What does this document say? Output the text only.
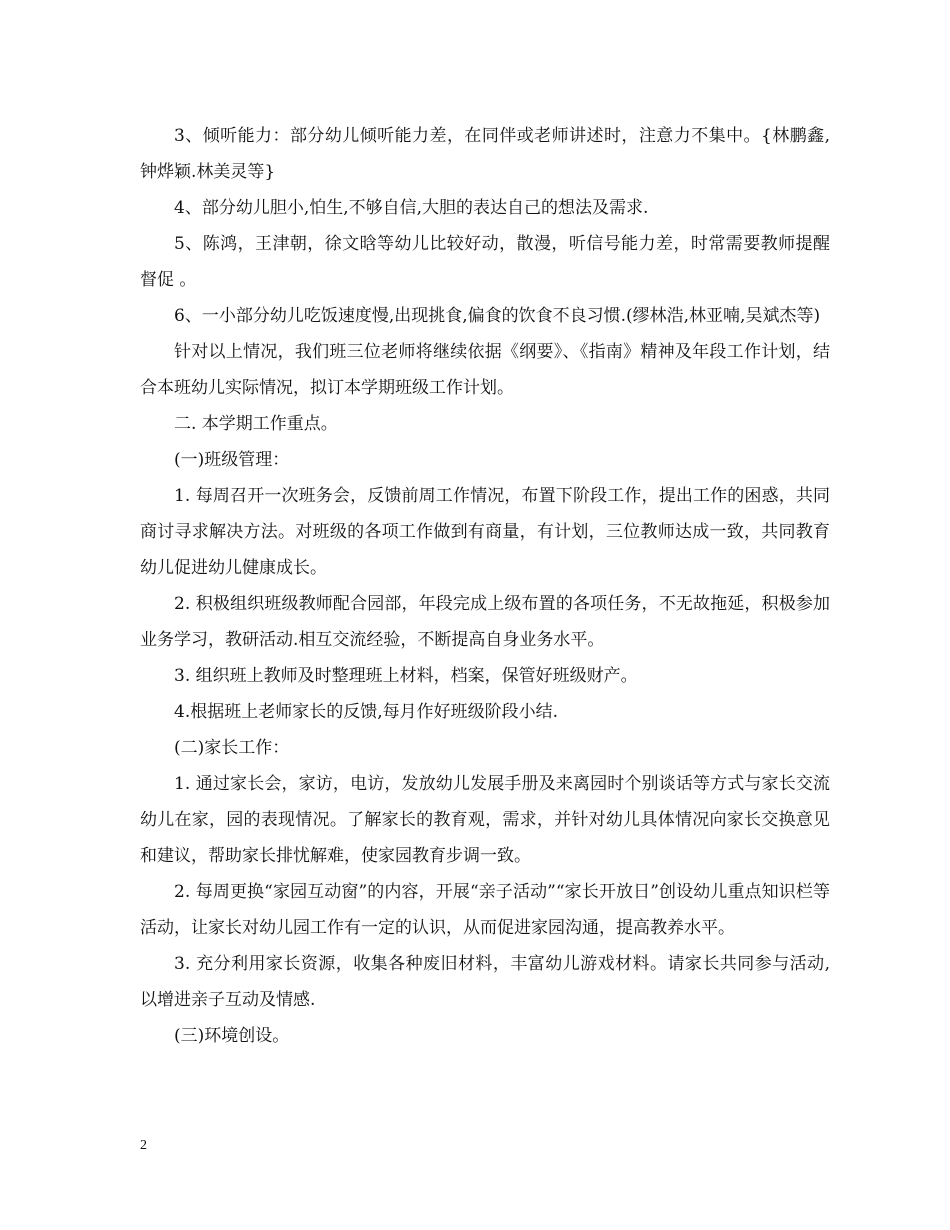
3、倾听能力：部分幼儿倾听能力差，在同伴或老师讲述时，注意力不集中。{林鹏鑫,钟烨颖.林美灵等}

4、部分幼儿胆小,怕生,不够自信,大胆的表达自己的想法及需求.

5、陈鸿，王津朝，徐文晗等幼儿比较好动，散漫，听信号能力差，时常需要教师提醒督促 。

6、一小部分幼儿吃饭速度慢,出现挑食,偏食的饮食不良习惯.(缪林浩,林亚喃,吴斌杰等)

针对以上情况，我们班三位老师将继续依据《纲要》、《指南》精神及年段工作计划，结合本班幼儿实际情况，拟订本学期班级工作计划。

二. 本学期工作重点。

(一)班级管理：

1. 每周召开一次班务会，反馈前周工作情况，布置下阶段工作，提出工作的困惑，共同商讨寻求解决方法。对班级的各项工作做到有商量，有计划，三位教师达成一致，共同教育幼儿促进幼儿健康成长。

2. 积极组织班级教师配合园部，年段完成上级布置的各项任务，不无故拖延，积极参加业务学习，教研活动.相互交流经验，不断提高自身业务水平。

3. 组织班上教师及时整理班上材料，档案，保管好班级财产。

4.根据班上老师家长的反馈,每月作好班级阶段小结.

(二)家长工作：

1. 通过家长会，家访，电访，发放幼儿发展手册及来离园时个别谈话等方式与家长交流幼儿在家，园的表现情况。了解家长的教育观，需求，并针对幼儿具体情况向家长交换意见和建议，帮助家长排忧解难，使家园教育步调一致。

2. 每周更换“家园互动窗”的内容，开展“亲子活动”“家长开放日”创设幼儿重点知识栏等活动，让家长对幼儿园工作有一定的认识，从而促进家园沟通，提高教养水平。

3. 充分利用家长资源，收集各种废旧材料，丰富幼儿游戏材料。请家长共同参与活动,以增进亲子互动及情感.

(三)环境创设。

2
